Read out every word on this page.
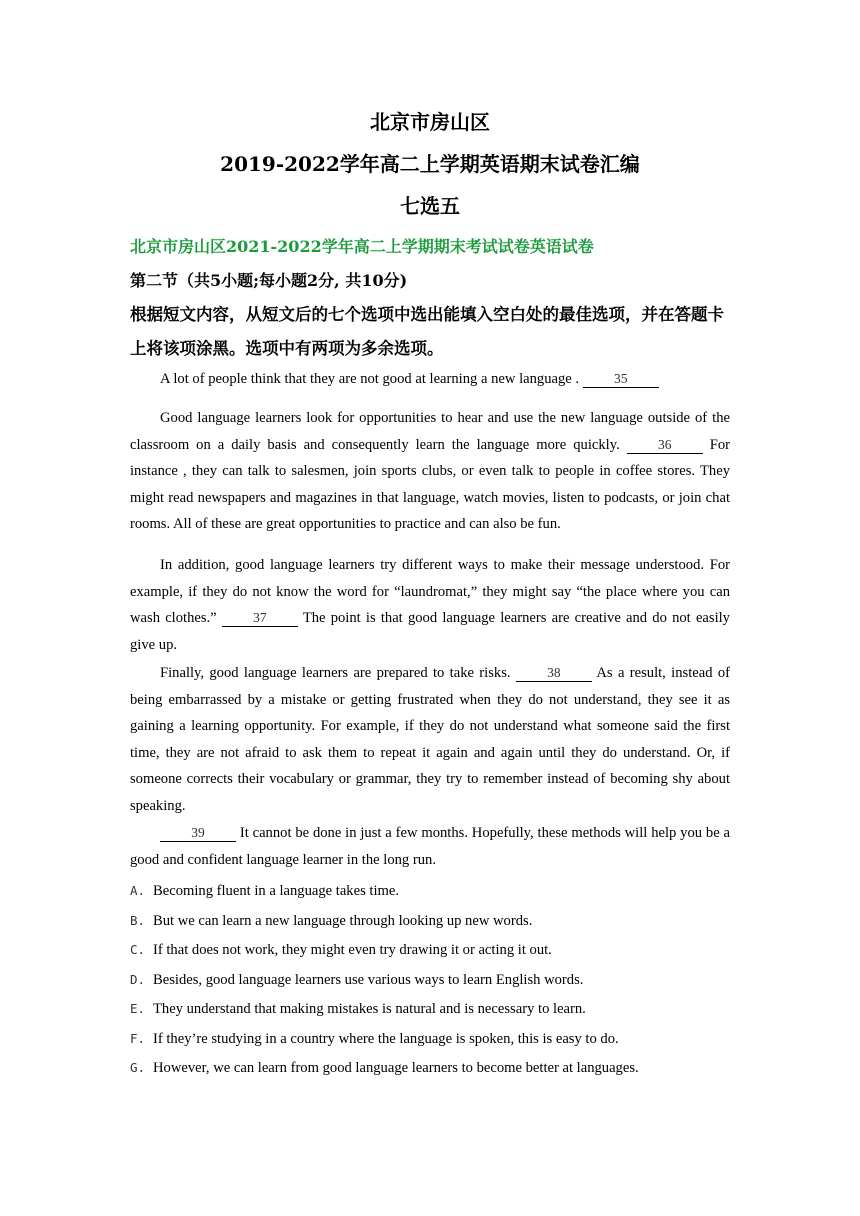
北京市房山区
2019-2022学年高二上学期英语期末试卷汇编
七选五
北京市房山区2021-2022学年高二上学期期末考试试卷英语试卷
第二节（共5小题;每小题2分, 共10分)
根据短文内容，从短文后的七个选项中选出能填入空白处的最佳选项，并在答题卡上将该项涂黑。选项中有两项为多余选项。
A lot of people think that they are not good at learning a new language . 35
Good language learners look for opportunities to hear and use the new language outside of the classroom on a daily basis and consequently learn the language more quickly. 36 For instance , they can talk to salesmen, join sports clubs, or even talk to people in coffee stores. They might read newspapers and magazines in that language, watch movies, listen to podcasts, or join chat rooms. All of these are great opportunities to practice and can also be fun.
In addition, good language learners try different ways to make their message understood. For example, if they do not know the word for “laundromat,” they might say “the place where you can wash clothes.” 37 The point is that good language learners are creative and do not easily give up.
Finally, good language learners are prepared to take risks. 38 As a result, instead of being embarrassed by a mistake or getting frustrated when they do not understand, they see it as gaining a learning opportunity. For example, if they do not understand what someone said the first time, they are not afraid to ask them to repeat it again and again until they do understand. Or, if someone corrects their vocabulary or grammar, they try to remember instead of becoming shy about speaking.
39 It cannot be done in just a few months. Hopefully, these methods will help you be a good and confident language learner in the long run.
A. Becoming fluent in a language takes time.
B. But we can learn a new language through looking up new words.
C. If that does not work, they might even try drawing it or acting it out.
D. Besides, good language learners use various ways to learn English words.
E. They understand that making mistakes is natural and is necessary to learn.
F. If they’re studying in a country where the language is spoken, this is easy to do.
G. However, we can learn from good language learners to become better at languages.
